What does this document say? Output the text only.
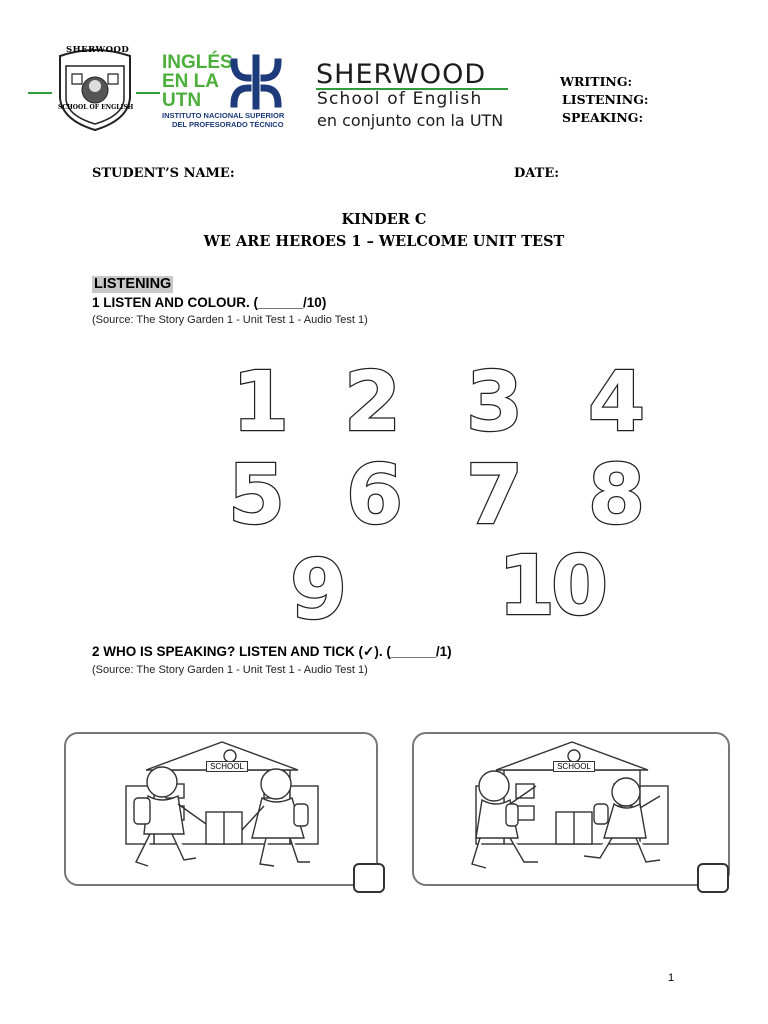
SHERWOOD
SCHOOL OF ENGLISH
INGLÉS
EN LA
UTN
INSTITUTO NACIONAL SUPERIOR
DEL PROFESORADO TÉCNICO
SHERWOOD
School of English
en conjunto con la UTN
WRITING:
LISTENING:
SPEAKING:
STUDENT’S NAME:	DATE:
KINDER C
WE ARE HEROES 1 – WELCOME UNIT TEST
LISTENING
1 LISTEN AND COLOUR. (______/10)
(Source: The Story Garden 1 - Unit Test 1 - Audio Test 1)
1 2 3 4
5 6 7 8
9 10
2 WHO IS SPEAKING? LISTEN AND TICK (✓). (______/1)
(Source: The Story Garden 1 - Unit Test 1 - Audio Test 1)
SCHOOL	SCHOOL
1
